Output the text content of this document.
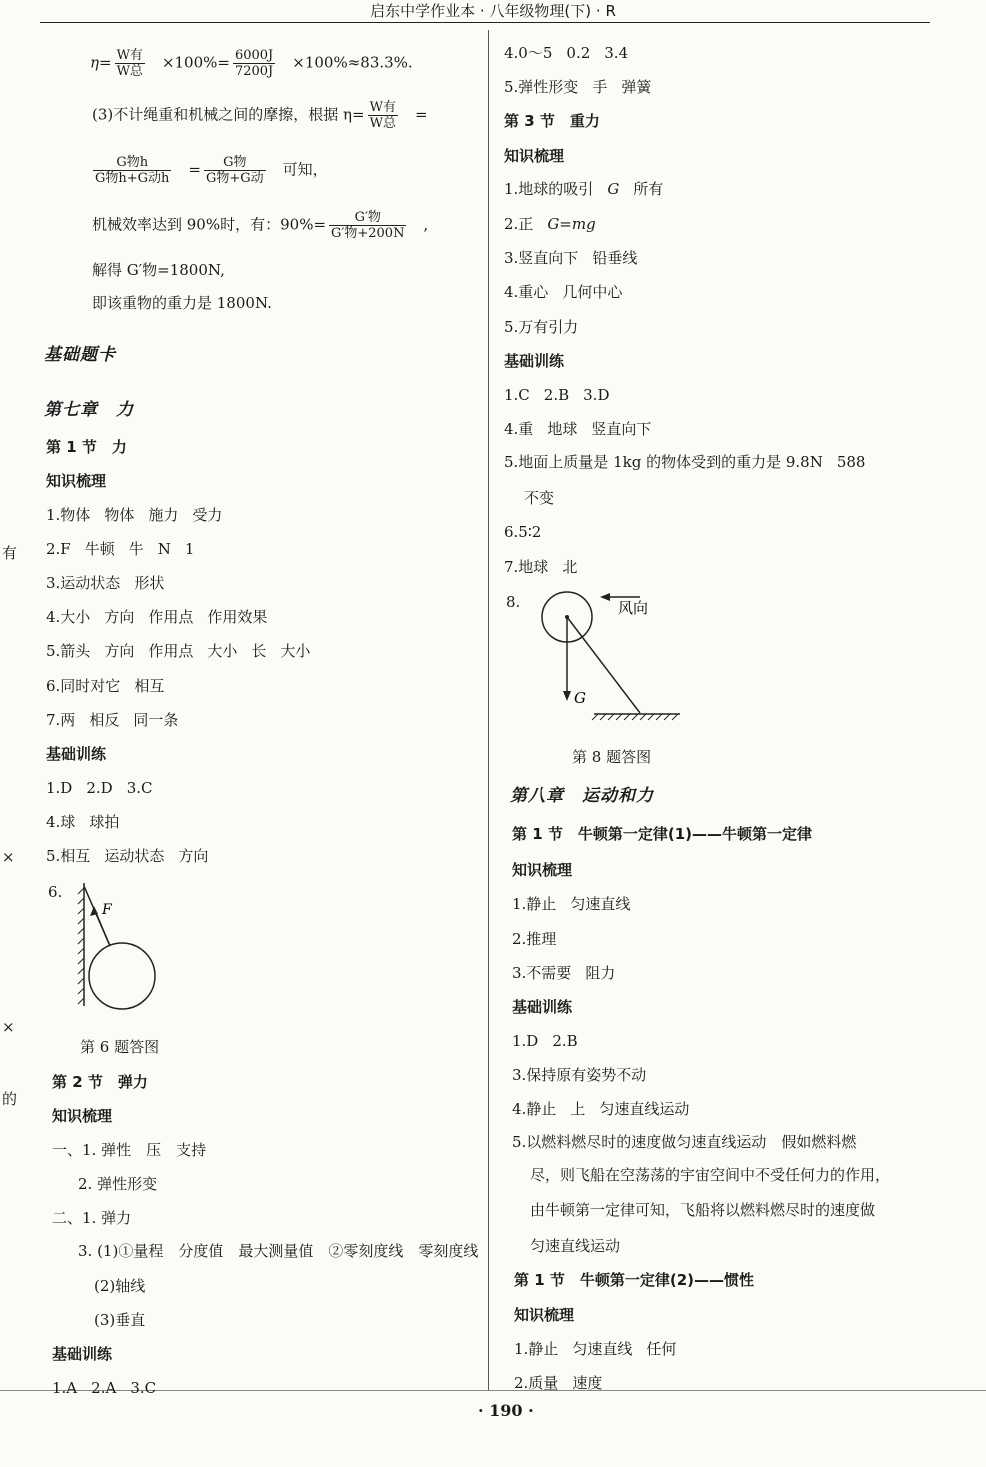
启东中学作业本 · 八年级物理(下) · R
有
×
×
的
$\eta= \frac{\text{W有}}{\text{W总}} \times 100\%= \frac{6000J}{7200J} \times 100\%\approx 83.3\%$.
(3)不计绳重和机械之间的摩擦，根据 $\eta= \frac{\text{W有}}{\text{W总}}$ =
$\frac{\text{G物h}}{\text{G物h+G动h}} = \frac{\text{G物}}{\text{G物+G动}}$ 可知，
机械效率达到 90%时，有：$90\%= \frac{\text{G′物}}{\text{G′物+200N}}$ ,
解得 G′物=1800N,
即该重物的重力是 1800N.
基础题卡
第七章　力
第 1 节　力
知识梳理
1.物体 物体 施力 受力
2.F 牛顿 牛 N 1
3.运动状态 形状
4.大小 方向 作用点 作用效果
5.箭头 方向 作用点 大小 长 大小
6.同时对它 相互
7.两 相反 同一条
基础训练
1.D 2.D 3.C
4.球 球拍
5.相互 运动状态 方向
6.
F
第 6 题答图
第 2 节　弹力
知识梳理
一、1. 弹性　压　支持
2. 弹性形变
二、1. 弹力
3. (1)①量程　分度值　最大测量值　②零刻度线　零刻度线
(2)轴线
(3)垂直
基础训练
1.A 2.A 3.C
4.0～5 0.2 3.4
5.弹性形变 手 弹簧
第 3 节　重力
知识梳理
1.地球的吸引 G 所有
2.正 G=mg
3.竖直向下 铅垂线
4.重心 几何中心
5.万有引力
基础训练
1.C 2.B 3.D
4.重 地球 竖直向下
5.地面上质量是 1kg 的物体受到的重力是 9.8N 588
不变
6.5∶2
7.地球 北
8.
G
风向
第 8 题答图
第八章　运动和力
第 1 节　牛顿第一定律(1)——牛顿第一定律
知识梳理
1.静止 匀速直线
2.推理
3.不需要 阻力
基础训练
1.D 2.B
3.保持原有姿势不动
4.静止 上 匀速直线运动
5.以燃料燃尽时的速度做匀速直线运动　假如燃料燃
尽，则飞船在空荡荡的宇宙空间中不受任何力的作用，
由牛顿第一定律可知，飞船将以燃料燃尽时的速度做
匀速直线运动
第 1 节　牛顿第一定律(2)——惯性
知识梳理
1.静止 匀速直线 任何
2.质量 速度
· 190 ·
